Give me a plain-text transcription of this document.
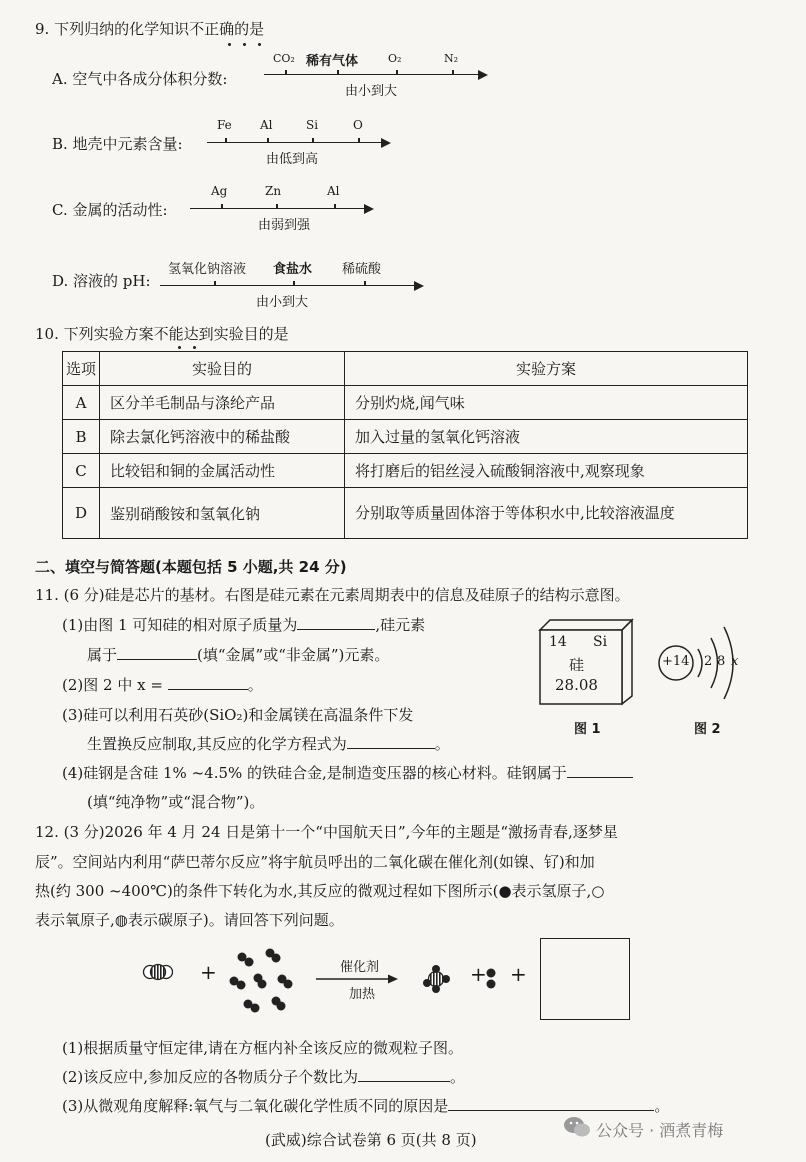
9. 下列归纳的化学知识不正确的是
A. 空气中各成分体积分数:
CO₂ 稀有气体	O₂	N₂
由小到大
B. 地壳中元素含量:
Fe Al	Si	O
由低到高
C. 金属的活动性:
Ag	Zn	Al
由弱到强
D. 溶液的 pH:
氢氧化钠溶液 食盐水 稀硫酸
由小到大
10. 下列实验方案不能达到实验目的是
选项	实验目的	实验方案
A	区分羊毛制品与涤纶产品	分别灼烧,闻气味
B	除去氯化钙溶液中的稀盐酸	加入过量的氢氧化钙溶液
C	比较铝和铜的金属活动性	将打磨后的铝丝浸入硫酸铜溶液中,观察现象
D	鉴别硝酸铵和氢氧化钠	分别取等质量固体溶于等体积水中,比较溶液温度
二、填空与简答题(本题包括 5 小题,共 24 分)
11. (6 分)硅是芯片的基材。右图是硅元素在元素周期表中的信息及硅原子的结构示意图。
(1)由图 1 可知硅的相对原子质量为	,硅元素
属于	(填“金属”或“非金属”)元素。
(2)图 2 中 x =	。
(3)硅可以利用石英砂(SiO₂)和金属镁在高温条件下发
生置换反应制取,其反应的化学方程式为	。
(4)硅钢是含硅 1% ~4.5% 的铁硅合金,是制造变压器的核心材料。硅钢属于
(填“纯净物”或“混合物”)。
14 Si
硅
28.08
图 1
+14 2 8 x
图 2
12. (3 分)2026 年 4 月 24 日是第十一个“中国航天日”,今年的主题是“激扬青春,逐梦星
辰”。空间站内利用“萨巴蒂尔反应”将宇航员呼出的二氧化碳在催化剂(如镍、钌)和加
热(约 300 ~400℃)的条件下转化为水,其反应的微观过程如下图所示(●表示氢原子,○
表示氧原子,◍表示碳原子)。请回答下列问题。
+	+ +
催化剂
加热
(1)根据质量守恒定律,请在方框内补全该反应的微观粒子图。
(2)该反应中,参加反应的各物质分子个数比为	。
(3)从微观角度解释:氧气与二氧化碳化学性质不同的原因是	。
(武威)综合试卷第 6 页(共 8 页)	公众号 · 酒煮青梅
